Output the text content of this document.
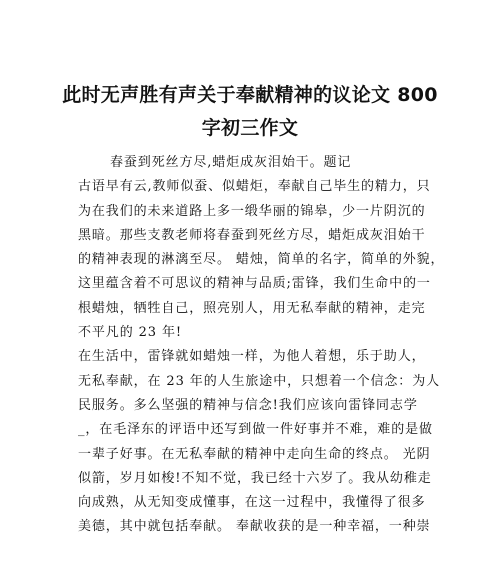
此时无声胜有声关于奉献精神的议论文 800
字初三作文
春蚕到死丝方尽,蜡炬成灰泪始干。题记
古语早有云,教师似蚕、似蜡炬，奉献自己毕生的精力，只
为在我们的未来道路上多一缎华丽的锦皋，少一片阴沉的
黑暗。那些支教老师将春蚕到死丝方尽，蜡炬成灰泪始干
的精神表现的淋漓至尽。 蜡烛，简单的名字，简单的外貌，
这里蕴含着不可思议的精神与品质;雷锋，我们生命中的一
根蜡烛，牺牲自己，照亮别人，用无私奉献的精神，走完
不平凡的 23 年!
在生活中，雷锋就如蜡烛一样，为他人着想，乐于助人，
无私奉献，在 23 年的人生旅途中，只想着一个信念：为人
民服务。多么坚强的精神与信念!我们应该向雷锋同志学
_，在毛泽东的评语中还写到做一件好事并不难，难的是做
一辈子好事。在无私奉献的精神中走向生命的终点。 光阴
似箭，岁月如梭!不知不觉，我已经十六岁了。我从幼稚走
向成熟，从无知变成懂事，在这一过程中，我懂得了很多
美德，其中就包括奉献。 奉献收获的是一种幸福，一种崇
